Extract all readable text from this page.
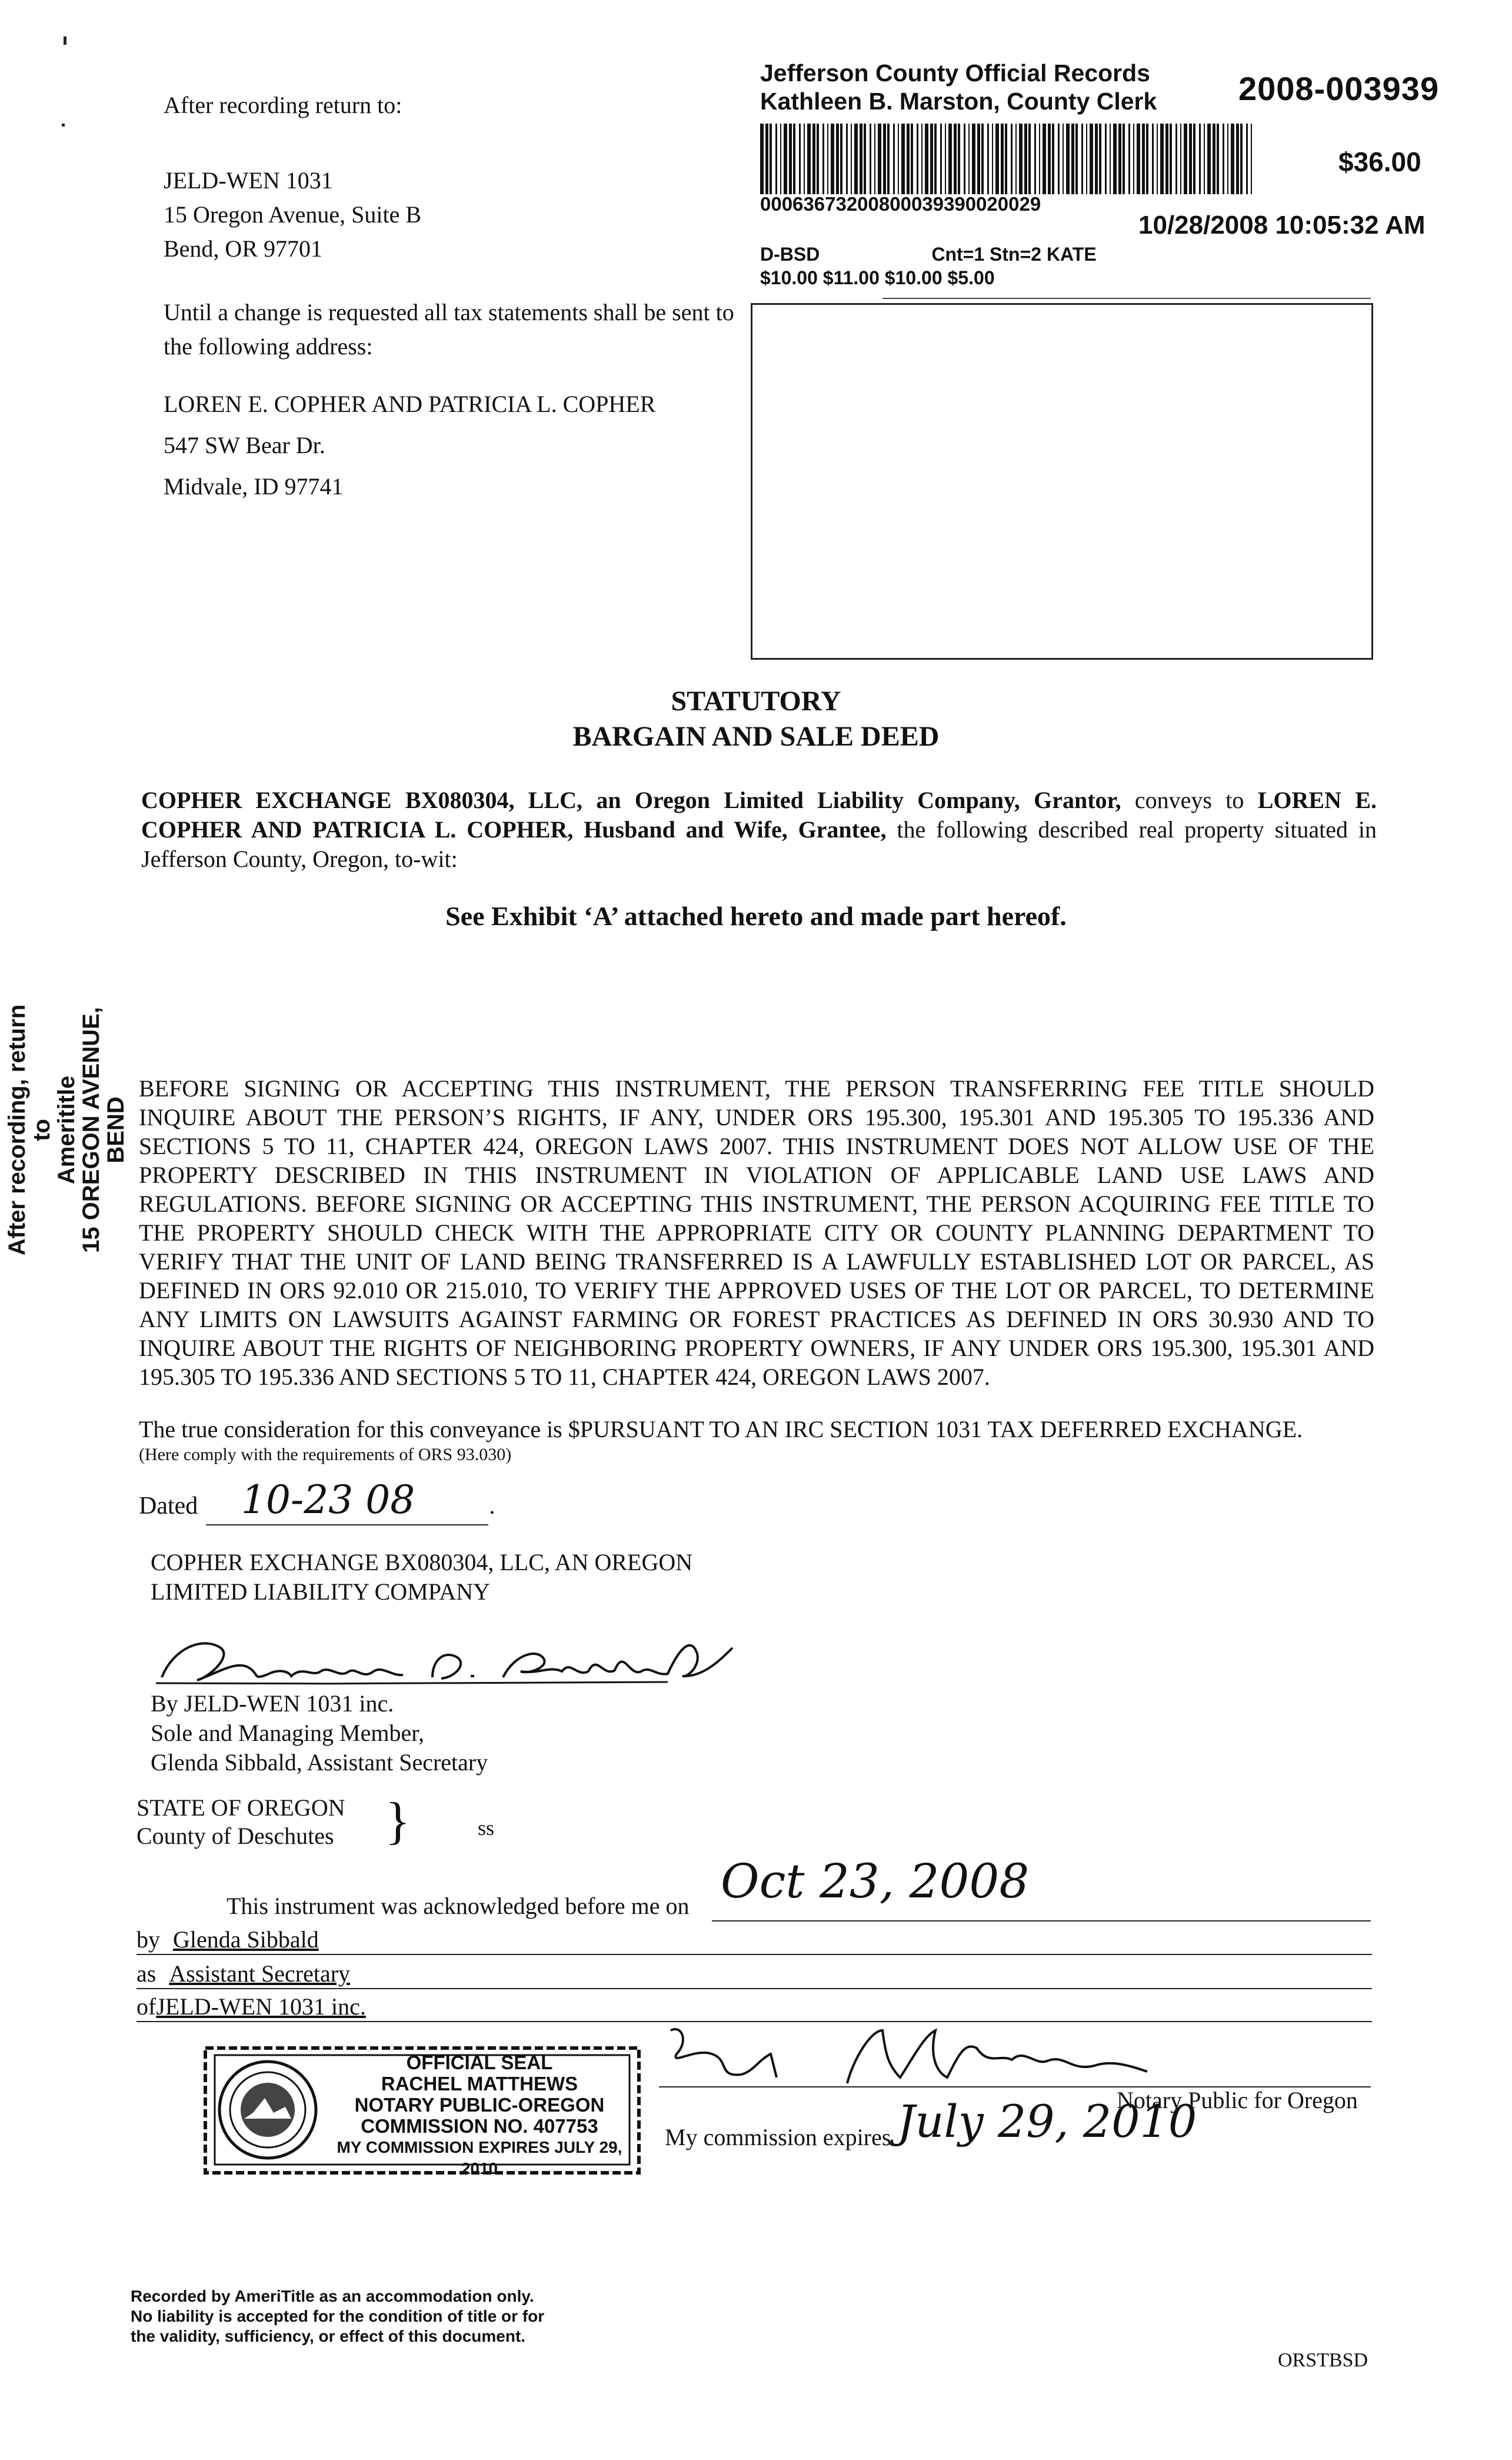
After recording return to:
JELD-WEN 1031
15 Oregon Avenue, Suite B
Bend, OR 97701
Until a change is requested all tax statements shall be sent to the following address:
LOREN E. COPHER AND PATRICIA L. COPHER
547 SW Bear Dr.
Midvale, ID 97741
Jefferson County Official Records
Kathleen B. Marston, County Clerk 2008-003939
00063673200800039390020029
$36.00
10/28/2008 10:05:32 AM
D-BSD	Cnt=1 Stn=2 KATE
$10.00 $11.00 $10.00 $5.00
STATUTORY
BARGAIN AND SALE DEED
COPHER EXCHANGE BX080304, LLC, an Oregon Limited Liability Company, Grantor, conveys to LOREN E. COPHER AND PATRICIA L. COPHER, Husband and Wife, Grantee, the following described real property situated in Jefferson County, Oregon, to-wit:
See Exhibit ‘A’ attached hereto and made part hereof.
After recording, return to
Amerititle
15 OREGON AVENUE, BEND
BEFORE SIGNING OR ACCEPTING THIS INSTRUMENT, THE PERSON TRANSFERRING FEE TITLE SHOULD INQUIRE ABOUT THE PERSON’S RIGHTS, IF ANY, UNDER ORS 195.300, 195.301 AND 195.305 TO 195.336 AND SECTIONS 5 TO 11, CHAPTER 424, OREGON LAWS 2007. THIS INSTRUMENT DOES NOT ALLOW USE OF THE PROPERTY DESCRIBED IN THIS INSTRUMENT IN VIOLATION OF APPLICABLE LAND USE LAWS AND REGULATIONS. BEFORE SIGNING OR ACCEPTING THIS INSTRUMENT, THE PERSON ACQUIRING FEE TITLE TO THE PROPERTY SHOULD CHECK WITH THE APPROPRIATE CITY OR COUNTY PLANNING DEPARTMENT TO VERIFY THAT THE UNIT OF LAND BEING TRANSFERRED IS A LAWFULLY ESTABLISHED LOT OR PARCEL, AS DEFINED IN ORS 92.010 OR 215.010, TO VERIFY THE APPROVED USES OF THE LOT OR PARCEL, TO DETERMINE ANY LIMITS ON LAWSUITS AGAINST FARMING OR FOREST PRACTICES AS DEFINED IN ORS 30.930 AND TO INQUIRE ABOUT THE RIGHTS OF NEIGHBORING PROPERTY OWNERS, IF ANY UNDER ORS 195.300, 195.301 AND 195.305 TO 195.336 AND SECTIONS 5 TO 11, CHAPTER 424, OREGON LAWS 2007.
The true consideration for this conveyance is $PURSUANT TO AN IRC SECTION 1031 TAX DEFERRED EXCHANGE.
(Here comply with the requirements of ORS 93.030)
Dated	.
10-23 08
COPHER EXCHANGE BX080304, LLC, AN OREGON
LIMITED LIABILITY COMPANY
By JELD-WEN 1031 inc.
Sole and Managing Member,
Glenda Sibbald, Assistant Secretary
STATE OF OREGON
County of Deschutes }	ss
This instrument was acknowledged before me on Oct 23, 2008
by Glenda Sibbald
as Assistant Secretary
ofJELD-WEN 1031 inc.
OFFICIAL SEAL
RACHEL MATTHEWS
NOTARY PUBLIC-OREGON
COMMISSION NO. 407753
MY COMMISSION EXPIRES JULY 29, 2010
Notary Public for Oregon
My commission expires July 29, 2010
Recorded by AmeriTitle as an accommodation only. No liability is accepted for the condition of title or for the validity, sufficiency, or effect of this document.
ORSTBSD
